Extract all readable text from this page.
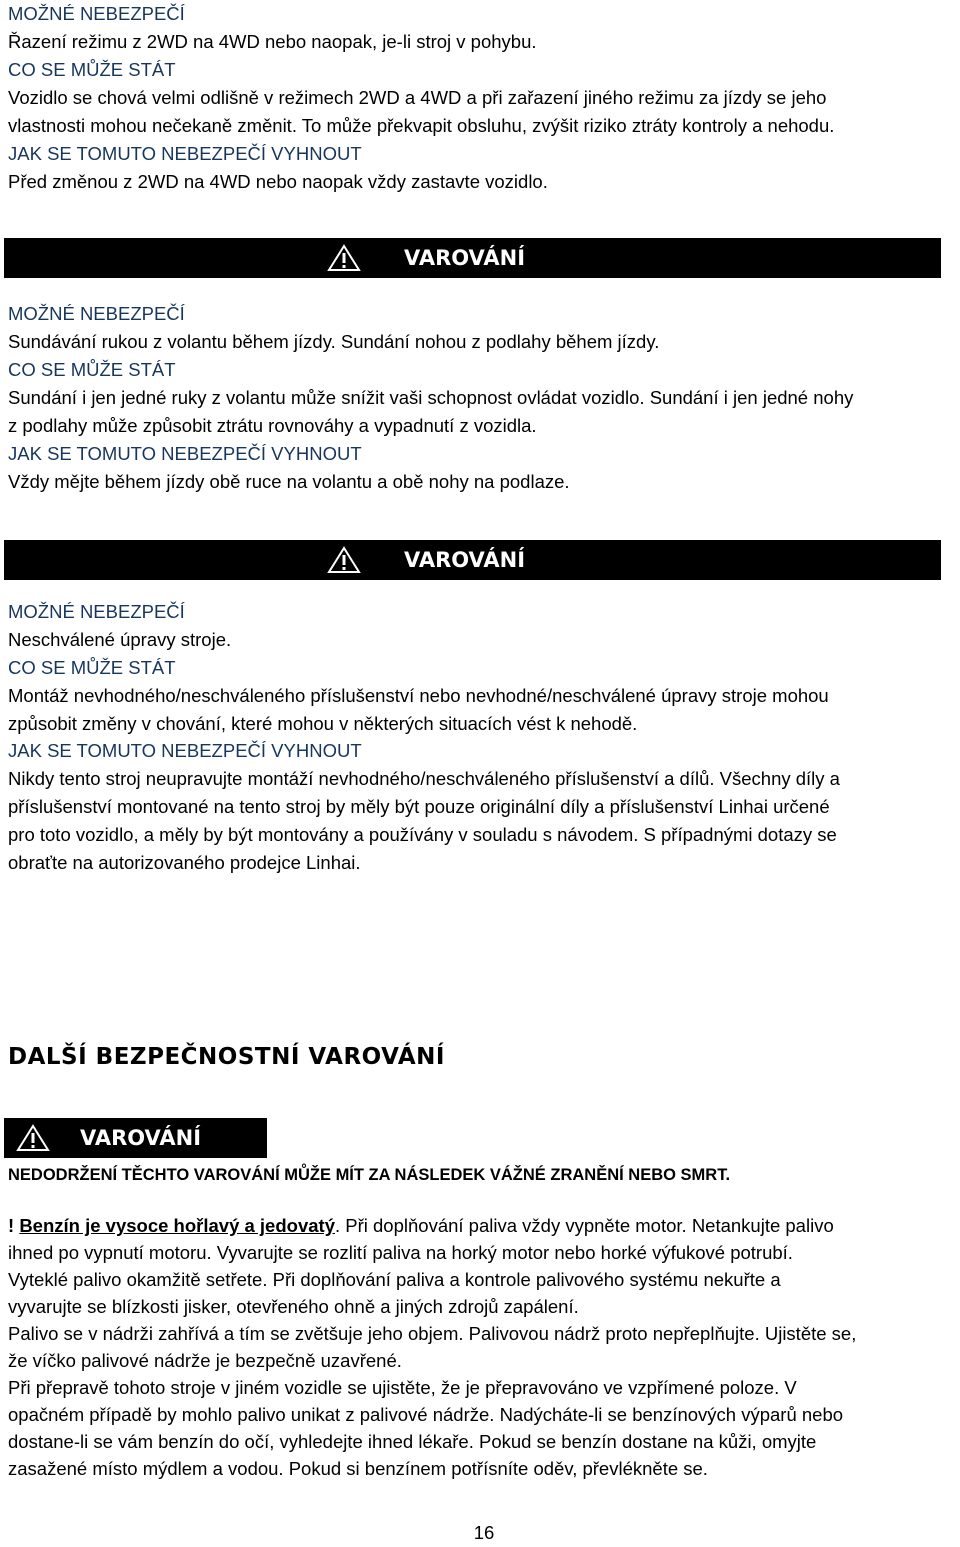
MOŽNÉ NEBEZPEČÍ
Řazení režimu z 2WD na 4WD nebo naopak, je-li stroj v pohybu.
CO SE MŮŽE STÁT
Vozidlo se chová velmi odlišně v režimech 2WD a 4WD a při zařazení jiného režimu za jízdy se jeho
vlastnosti mohou nečekaně změnit. To může překvapit obsluhu, zvýšit riziko ztráty kontroly a nehodu.
JAK SE TOMUTO NEBEZPEČÍ VYHNOUT
Před změnou z 2WD na 4WD nebo naopak vždy zastavte vozidlo.
VAROVÁNÍ
MOŽNÉ NEBEZPEČÍ
Sundávání rukou z volantu během jízdy. Sundání nohou z podlahy během jízdy.
CO SE MŮŽE STÁT
Sundání i jen jedné ruky z volantu může snížit vaši schopnost ovládat vozidlo. Sundání i jen jedné nohy
z podlahy může způsobit ztrátu rovnováhy a vypadnutí z vozidla.
JAK SE TOMUTO NEBEZPEČÍ VYHNOUT
Vždy mějte během jízdy obě ruce na volantu a obě nohy na podlaze.
VAROVÁNÍ
MOŽNÉ NEBEZPEČÍ
Neschválené úpravy stroje.
CO SE MŮŽE STÁT
Montáž nevhodného/neschváleného příslušenství nebo nevhodné/neschválené úpravy stroje mohou
způsobit změny v chování, které mohou v některých situacích vést k nehodě.
JAK SE TOMUTO NEBEZPEČÍ VYHNOUT
Nikdy tento stroj neupravujte montáží nevhodného/neschváleného příslušenství a dílů. Všechny díly a
příslušenství montované na tento stroj by měly být pouze originální díly a příslušenství Linhai určené
pro toto vozidlo, a měly by být montovány a používány v souladu s návodem. S případnými dotazy se
obraťte na autorizovaného prodejce Linhai.
DALŠÍ BEZPEČNOSTNÍ VAROVÁNÍ
VAROVÁNÍ
NEDODRŽENÍ TĚCHTO VAROVÁNÍ MŮŽE MÍT ZA NÁSLEDEK VÁŽNÉ ZRANĚNÍ NEBO SMRT.
! Benzín je vysoce hořlavý a jedovatý. Při doplňování paliva vždy vypněte motor. Netankujte palivo
ihned po vypnutí motoru. Vyvarujte se rozlití paliva na horký motor nebo horké výfukové potrubí.
Vyteklé palivo okamžitě setřete. Při doplňování paliva a kontrole palivového systému nekuřte a
vyvarujte se blízkosti jisker, otevřeného ohně a jiných zdrojů zapálení.
Palivo se v nádrži zahřívá a tím se zvětšuje jeho objem. Palivovou nádrž proto nepřeplňujte. Ujistěte se,
že víčko palivové nádrže je bezpečně uzavřené.
Při přepravě tohoto stroje v jiném vozidle se ujistěte, že je přepravováno ve vzpřímené poloze. V
opačném případě by mohlo palivo unikat z palivové nádrže. Nadýcháte-li se benzínových výparů nebo
dostane-li se vám benzín do očí, vyhledejte ihned lékaře. Pokud se benzín dostane na kůži, omyjte
zasažené místo mýdlem a vodou. Pokud si benzínem potřísníte oděv, převlékněte se.
16
